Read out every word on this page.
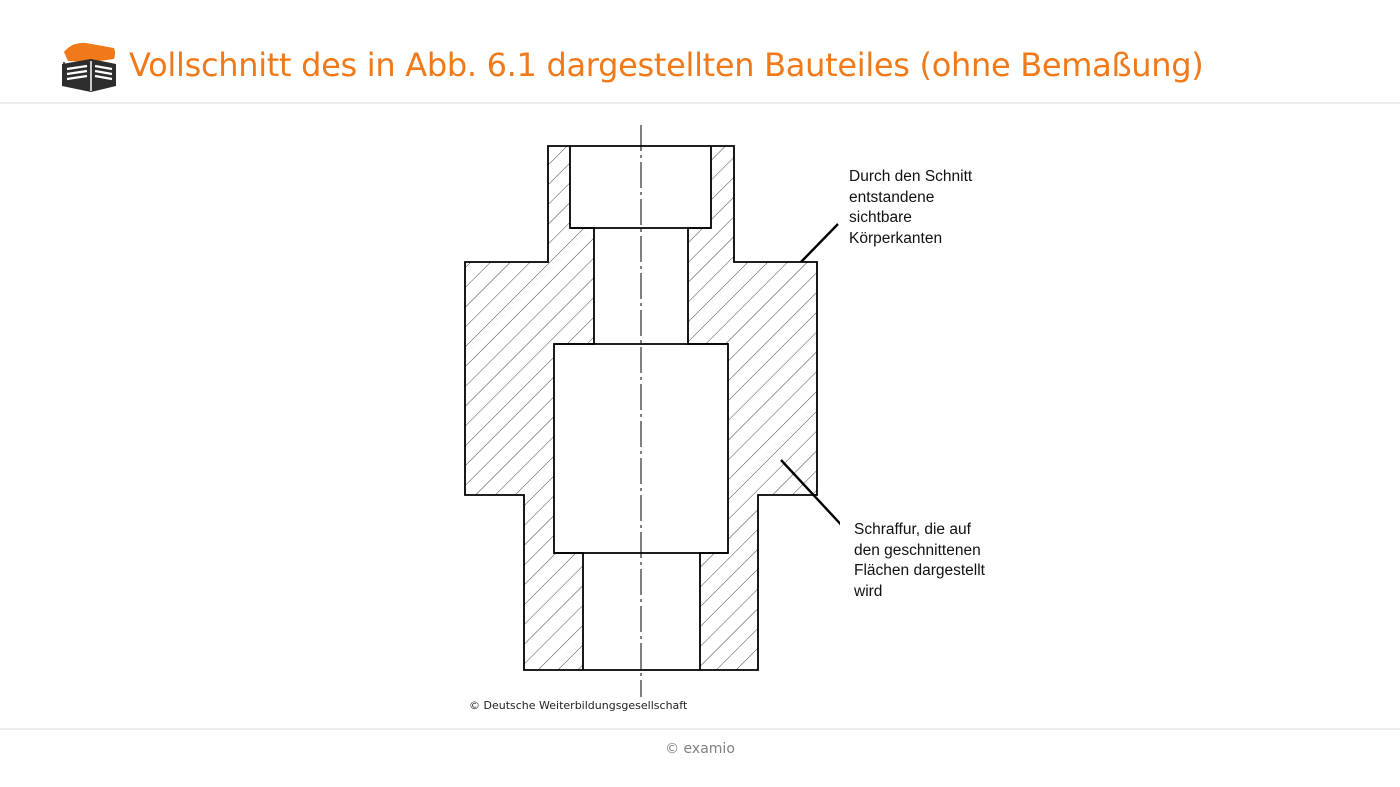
Vollschnitt des in Abb. 6.1 dargestellten Bauteiles (ohne Bemaßung)

Durch den Schnitt
entstandene
sichtbare
Körperkanten

Schraffur, die auf
den geschnittenen
Flächen dargestellt
wird

© Deutsche Weiterbildungsgesellschaft

© examio
